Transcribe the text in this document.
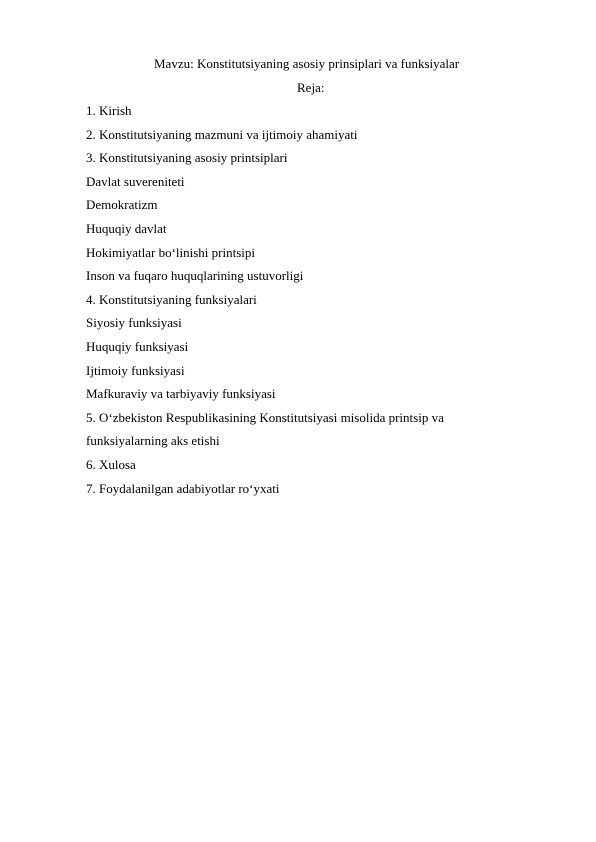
Mavzu: Konstitutsiyaning asosiy prinsiplari va funksiyalar
Reja:
1. Kirish
2. Konstitutsiyaning mazmuni va ijtimoiy ahamiyati
3. Konstitutsiyaning asosiy printsiplari
Davlat suvereniteti
Demokratizm
Huquqiy davlat
Hokimiyatlar bo‘linishi printsipi
Inson va fuqaro huquqlarining ustuvorligi
4. Konstitutsiyaning funksiyalari
Siyosiy funksiyasi
Huquqiy funksiyasi
Ijtimoiy funksiyasi
Mafkuraviy va tarbiyaviy funksiyasi
5. O‘zbekiston Respublikasining Konstitutsiyasi misolida printsip va
funksiyalarning aks etishi
6. Xulosa
7. Foydalanilgan adabiyotlar ro‘yxati
